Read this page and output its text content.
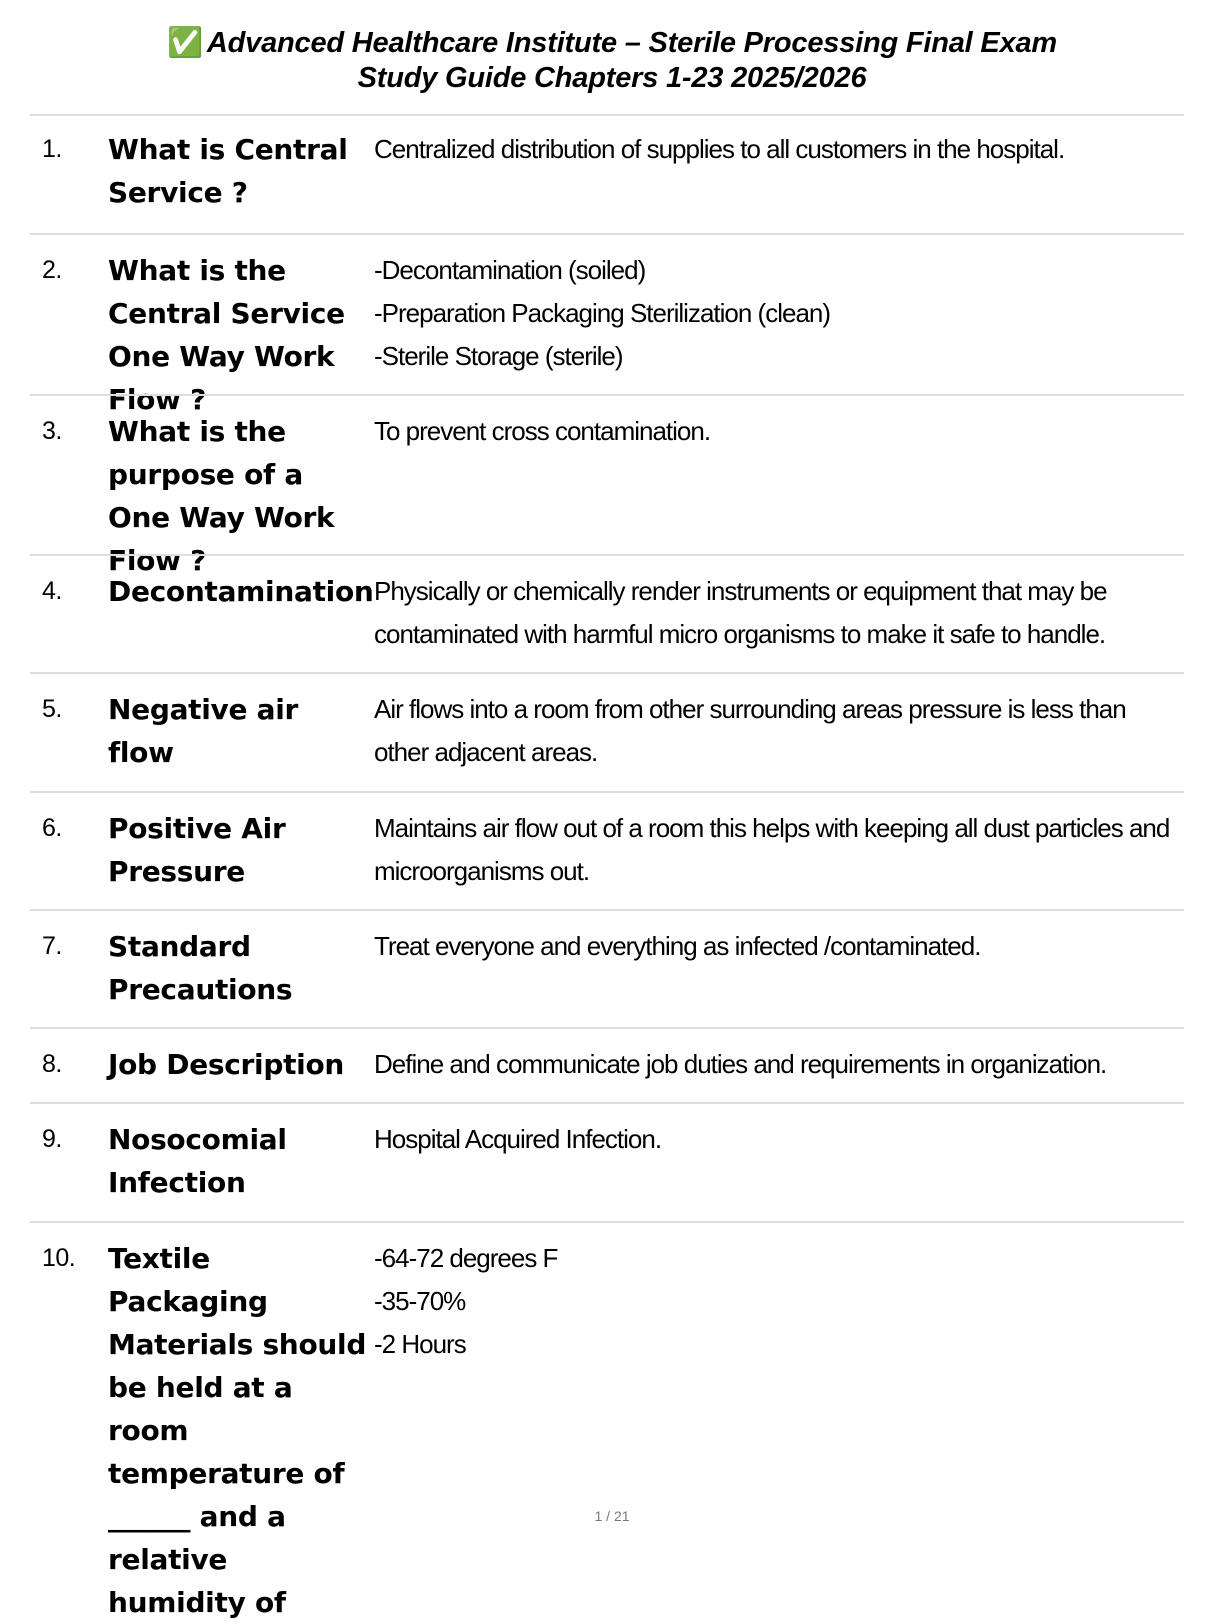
✅ Advanced Healthcare Institute – Sterile Processing Final Exam
Study Guide Chapters 1-23 2025/2026
1. What is Central Service ?
Centralized distribution of supplies to all customers in the hospital.
2. What is the Central Service One Way Work Flow ?
-Decontamination (soiled)
-Preparation Packaging Sterilization (clean)
-Sterile Storage (sterile)
3. What is the purpose of a One Way Work Flow ?
To prevent cross contamination.
4. Decontamination Physically or chemically render instruments or equipment that may be contaminated with harmful micro organisms to make it safe to handle.
5. Negative air flow
Air flows into a room from other surrounding areas pressure is less than other adjacent areas.
6. Positive Air Pressure
Maintains air flow out of a room this helps with keeping all dust particles and microorganisms out.
7. Standard Precautions
Treat everyone and everything as infected /contaminated.
8. Job Description	Define and communicate job duties and requirements in organization.
9. Nosocomial Infection
Hospital Acquired Infection.
10. Textile Packaging Materials should be held at a room temperature of ______ and a relative humidity of
-64-72 degrees F
-35-70%
-2 Hours
1 / 21
